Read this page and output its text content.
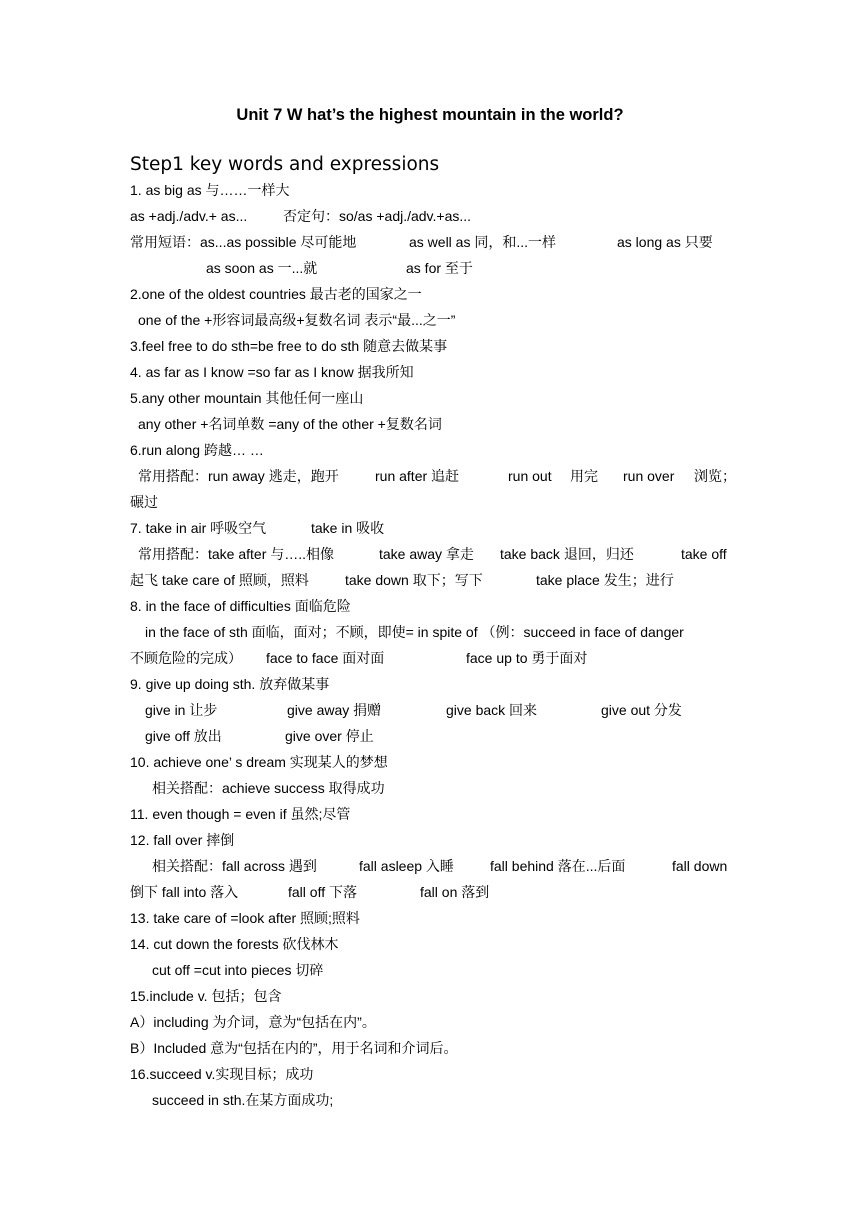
Unit 7 W hat’s the highest mountain in the world?
Step1 key words and expressions
1. as big as 与……一样大
as +adj./adv.+ as...	否定句：so/as +adj./adv.+as...
常用短语：as...as possible 尽可能地	as well as 同，和...一样	as long as 只要
as soon as 一...就	as for 至于
2.one of the oldest countries 最古老的国家之一
one of the +形容词最高级+复数名词 表示“最...之一”
3.feel free to do sth=be free to do sth 随意去做某事
4. as far as I know =so far as I know 据我所知
5.any other mountain 其他任何一座山
any other +名词单数 =any of the other +复数名词
6.run along 跨越… …
常用搭配：run away 逃走，跑开	run after 追赶	run out 用完 run over 浏览；
碾过
7. take in air 呼吸空气	take in 吸收
常用搭配：take after 与…..相像	take away 拿走 take back 退回，归还	take off
起飞 take care of 照顾，照料	take down 取下；写下	take place 发生；进行
8. in the face of difficulties 面临危险
in the face of sth 面临，面对；不顾，即使= in spite of （例：succeed in face of danger
不顾危险的完成） face to face 面对面	face up to 勇于面对
9. give up doing sth. 放弃做某事
give in 让步	give away 捐赠	give back 回来	give out 分发
give off 放出	give over 停止
10. achieve one’ s dream 实现某人的梦想
相关搭配：achieve success 取得成功
11. even though = even if 虽然;尽管
12. fall over 摔倒
相关搭配：fall across 遇到	fall asleep 入睡	fall behind 落在...后面	fall down
倒下 fall into 落入	fall off 下落	fall on 落到
13. take care of =look after 照顾;照料
14. cut down the forests 砍伐林木
cut off =cut into pieces 切碎
15.include v. 包括；包含
A）including 为介词，意为“包括在内”。
B）Included 意为“包括在内的”，用于名词和介词后。
16.succeed v.实现目标；成功
succeed in sth.在某方面成功;
